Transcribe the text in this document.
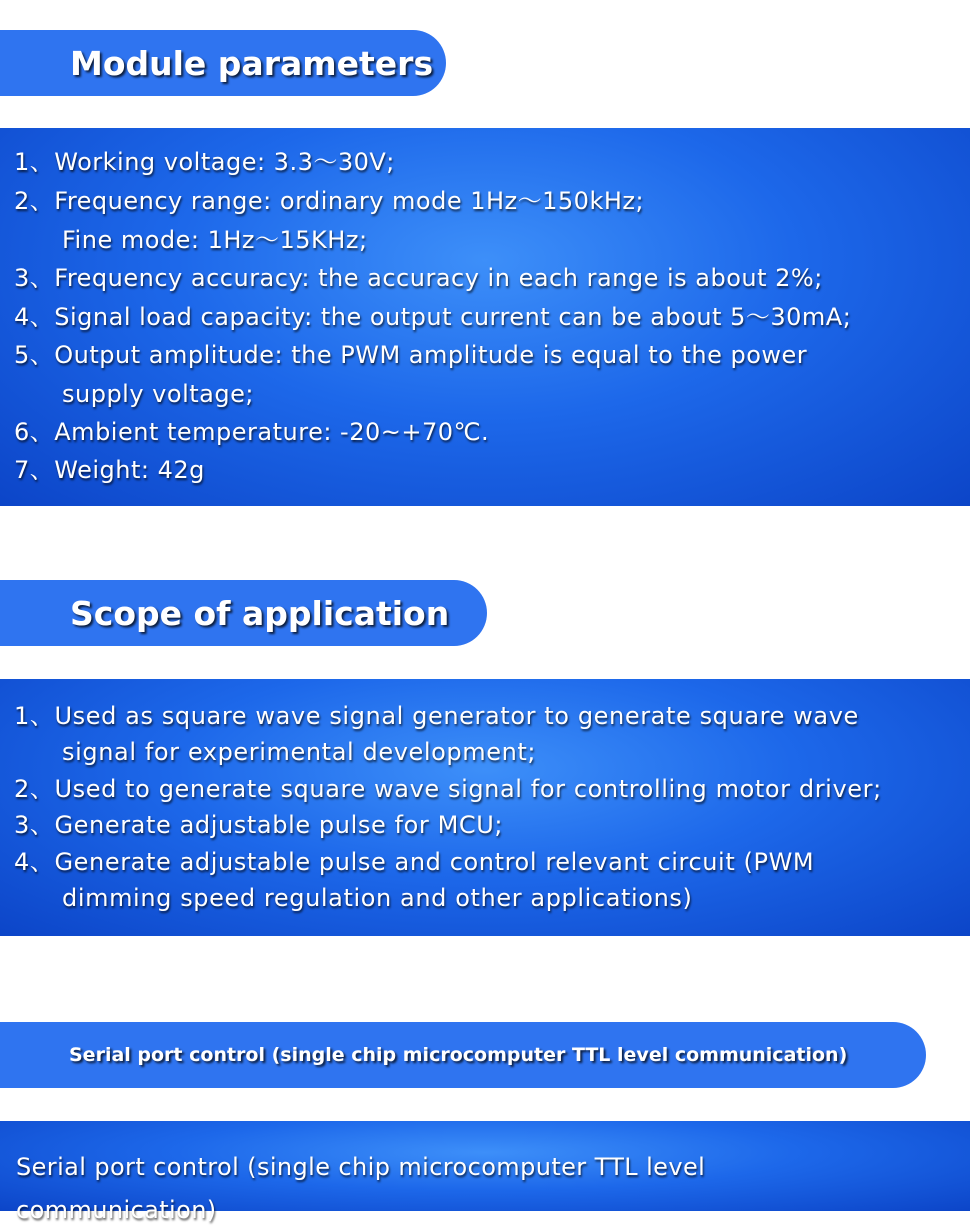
Module parameters
1、Working voltage: 3.3～30V;
2、Frequency range: ordinary mode 1Hz～150kHz;
Fine mode: 1Hz～15KHz;
3、Frequency accuracy: the accuracy in each range is about 2%;
4、Signal load capacity: the output current can be about 5～30mA;
5、Output amplitude: the PWM amplitude is equal to the power
supply voltage;
6、Ambient temperature: -20~+70℃.
7、Weight: 42g
Scope of application
1、Used as square wave signal generator to generate square wave
signal for experimental development;
2、Used to generate square wave signal for controlling motor driver;
3、Generate adjustable pulse for MCU;
4、Generate adjustable pulse and control relevant circuit (PWM
dimming speed regulation and other applications)
Serial port control (single chip microcomputer TTL level communication)
Serial port control (single chip microcomputer TTL level
communication)
